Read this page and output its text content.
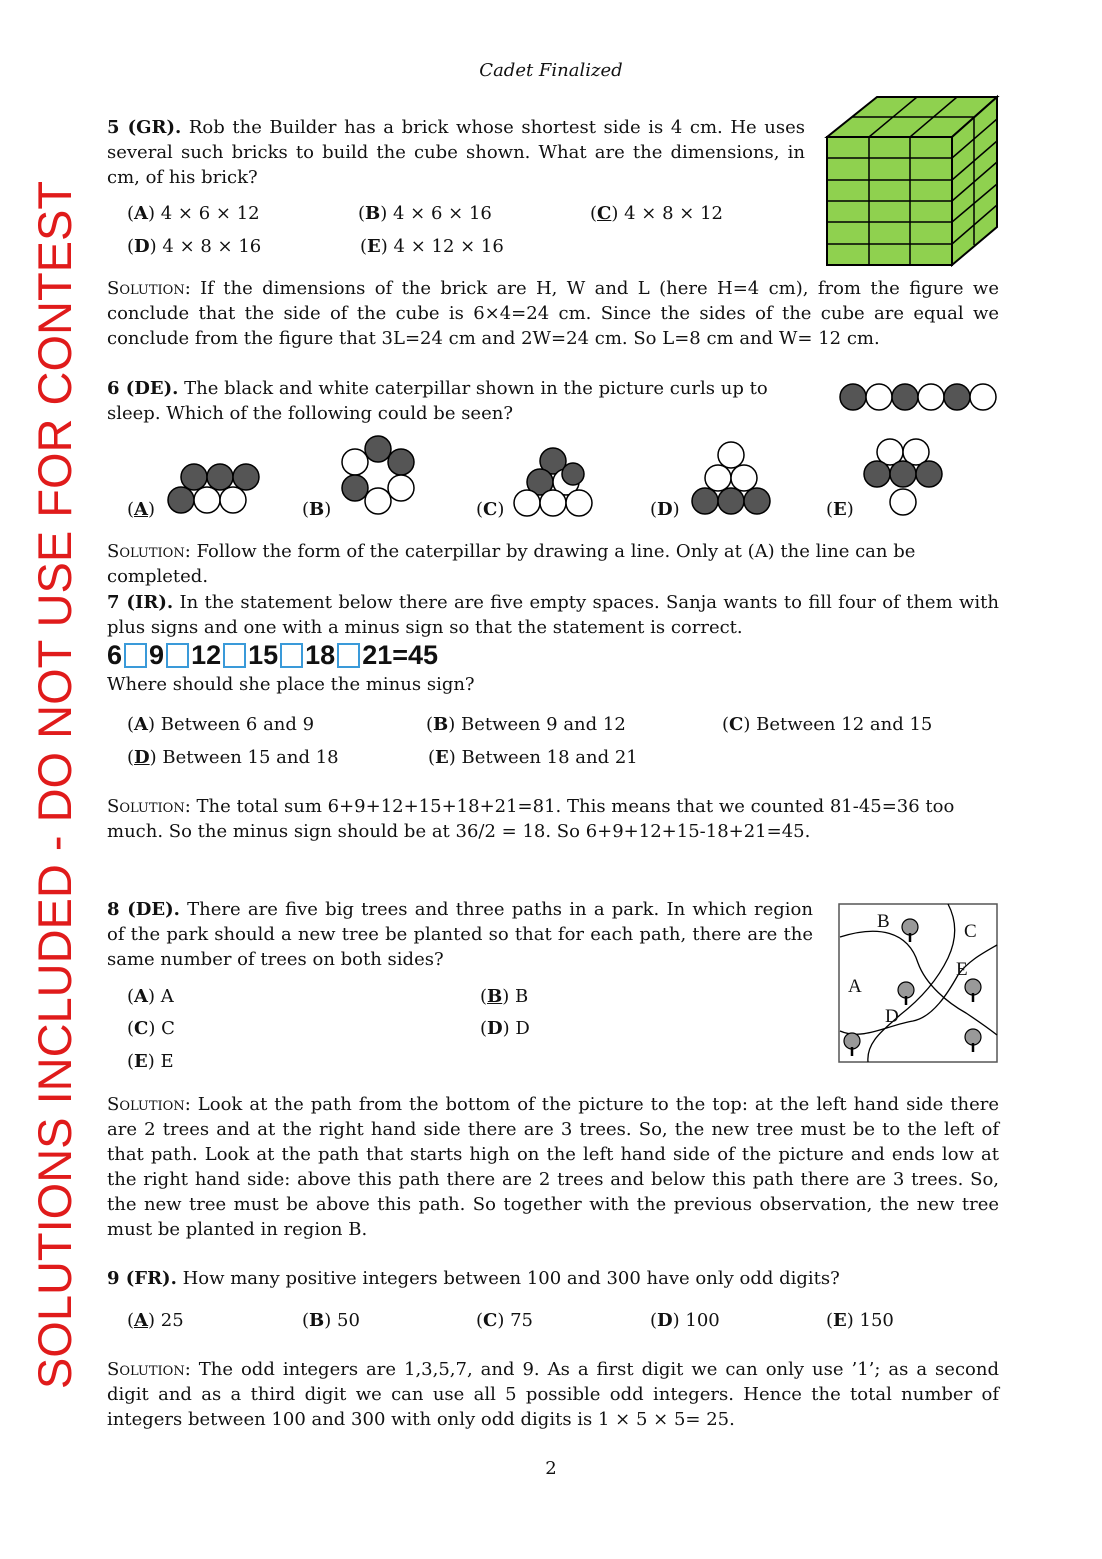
SOLUTIONS INCLUDED - DO NOT USE FOR CONTEST
Cadet Finalized
5 (GR). Rob the Builder has a brick whose shortest side is 4 cm. He uses several such bricks to build the cube shown. What are the dimensions, in cm, of his brick?
(A) 4 × 6 × 12	(B) 4 × 6 × 16	(C) 4 × 8 × 12
(D) 4 × 8 × 16	(E) 4 × 12 × 16
Solution: If the dimensions of the brick are H, W and L (here H=4 cm), from the figure we conclude that the side of the cube is 6×4=24 cm. Since the sides of the cube are equal we conclude from the figure that 3L=24 cm and 2W=24 cm. So L=8 cm and W= 12 cm.
6 (DE). The black and white caterpillar shown in the picture curls up to sleep. Which of the following could be seen?
(A)	(B)	(C)	(D)	(E)
Solution: Follow the form of the caterpillar by drawing a line. Only at (A) the line can be completed.
7 (IR). In the statement below there are five empty spaces. Sanja wants to fill four of them with plus signs and one with a minus sign so that the statement is correct.
6 9 12 15 18 21 =45
Where should she place the minus sign?
(A) Between 6 and 9	(B) Between 9 and 12	(C) Between 12 and 15
(D) Between 15 and 18	(E) Between 18 and 21
Solution: The total sum 6+9+12+15+18+21=81. This means that we counted 81-45=36 too much. So the minus sign should be at 36/2 = 18. So 6+9+12+15-18+21=45.
8 (DE). There are five big trees and three paths in a park. In which region of the park should a new tree be planted so that for each path, there are the same number of trees on both sides?
(A) A	(B) B
(C) C	(D) D
(E) E
B	C
E
A
D
Solution: Look at the path from the bottom of the picture to the top: at the left hand side there are 2 trees and at the right hand side there are 3 trees. So, the new tree must be to the left of that path. Look at the path that starts high on the left hand side of the picture and ends low at the right hand side: above this path there are 2 trees and below this path there are 3 trees. So, the new tree must be above this path. So together with the previous observation, the new tree must be planted in region B.
9 (FR). How many positive integers between 100 and 300 have only odd digits?
(A) 25	(B) 50	(C) 75	(D) 100	(E) 150
Solution: The odd integers are 1,3,5,7, and 9. As a first digit we can only use ’1’; as a second digit and as a third digit we can use all 5 possible odd integers. Hence the total number of integers between 100 and 300 with only odd digits is 1 × 5 × 5= 25.
2
